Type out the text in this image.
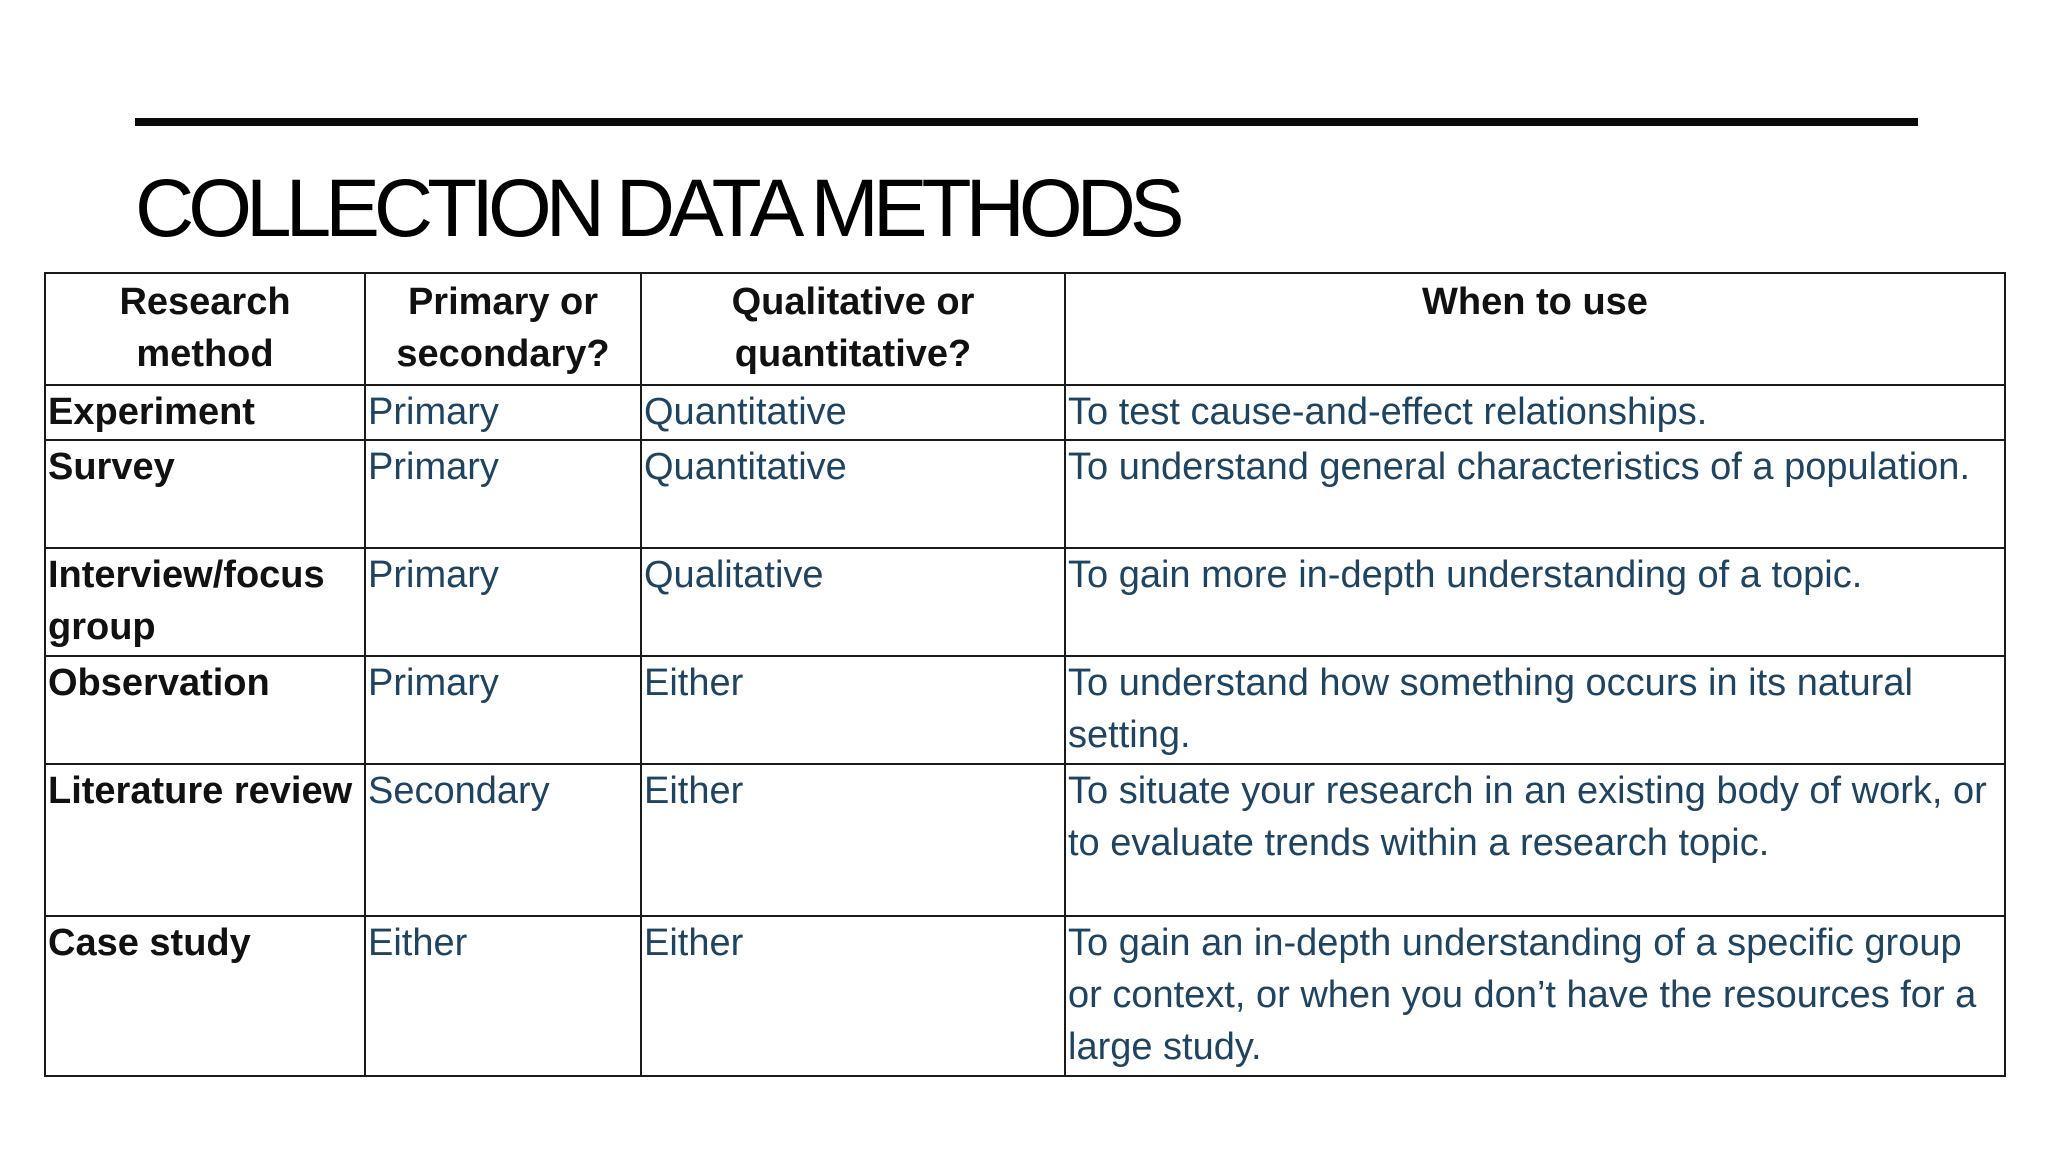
COLLECTION DATA METHODS
Research method	Primary or secondary?	Qualitative or quantitative?	When to use
Experiment	Primary	Quantitative	To test cause-and-effect relationships.
Survey	Primary	Quantitative	To understand general characteristics of a population.
Interview/focus group	Primary	Qualitative	To gain more in-depth understanding of a topic.
Observation	Primary	Either	To understand how something occurs in its natural setting.
Literature review	Secondary	Either	To situate your research in an existing body of work, or to evaluate trends within a research topic.
Case study	Either	Either	To gain an in-depth understanding of a specific group or context, or when you don’t have the resources for a large study.
